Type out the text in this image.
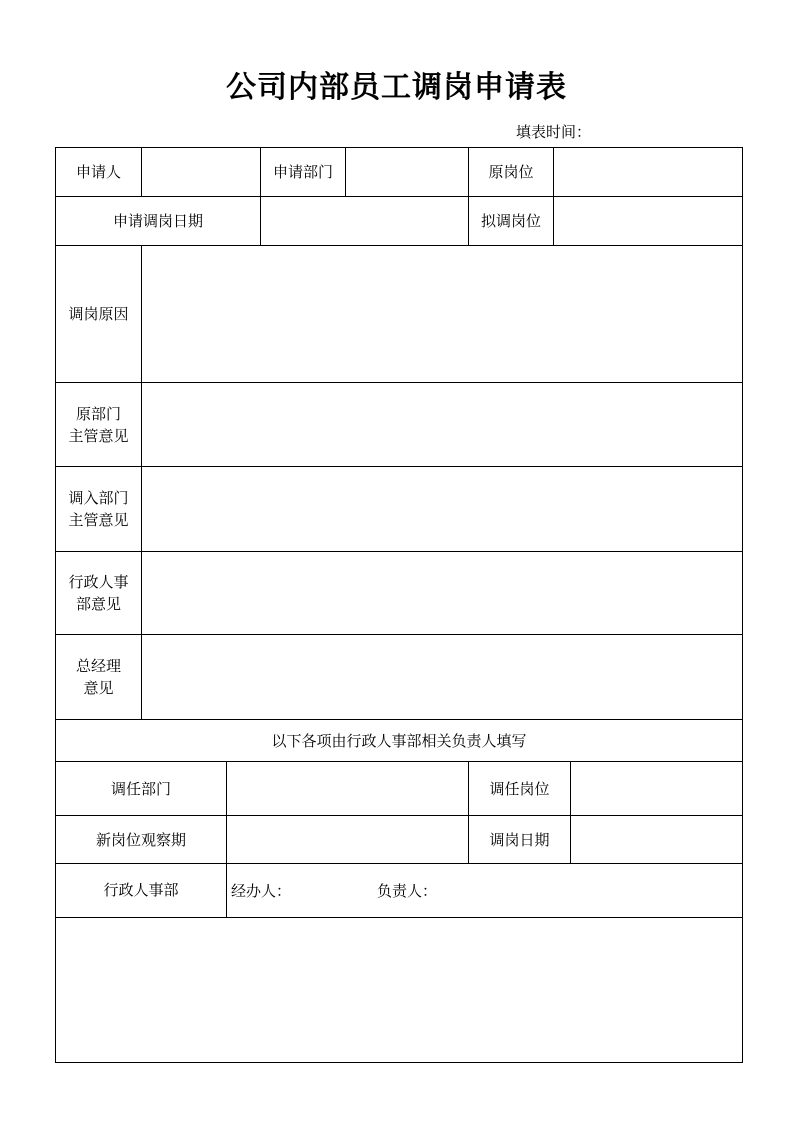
公司内部员工调岗申请表
填表时间：
申请人			申请部门		原岗位		
申请调岗日期					拟调岗位		
调岗原因							

原部门
主管意见							

调入部门
主管意见							

行政人事
部意见							

总经理
意见							

以下各项由行政人事部相关负责人填写							
调任部门					调任岗位		
新岗位观察期					调岗日期		
行政人事部		经办人： 负责人：					
